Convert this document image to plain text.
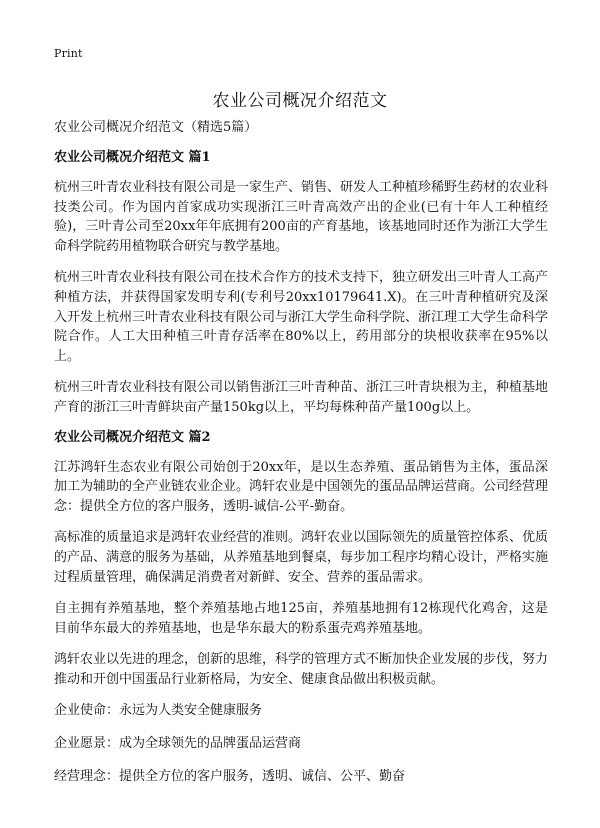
Print
农业公司概况介绍范文
农业公司概况介绍范文（精选5篇）
农业公司概况介绍范文 篇1

杭州三叶青农业科技有限公司是一家生产、销售、研发人工种植珍稀野生药材的农业科技类公司。作为国内首家成功实现浙江三叶青高效产出的企业(已有十年人工种植经验)，三叶青公司至20xx年年底拥有200亩的产育基地，该基地同时还作为浙江大学生命科学院药用植物联合研究与教学基地。

杭州三叶青农业科技有限公司在技术合作方的技术支持下，独立研发出三叶青人工高产种植方法，并获得国家发明专利(专利号20xx10179641.X)。在三叶青种植研究及深入开发上杭州三叶青农业科技有限公司与浙江大学生命科学院、浙江理工大学生命科学院合作。人工大田种植三叶青存活率在80%以上，药用部分的块根收获率在95%以上。

杭州三叶青农业科技有限公司以销售浙江三叶青种苗、浙江三叶青块根为主，种植基地产育的浙江三叶青鲜块亩产量150kg以上，平均每株种苗产量100g以上。

农业公司概况介绍范文 篇2

江苏鸿轩生态农业有限公司始创于20xx年，是以生态养殖、蛋品销售为主体，蛋品深加工为辅助的全产业链农业企业。鸿轩农业是中国领先的蛋品品牌运营商。公司经营理念：提供全方位的客户服务，透明-诚信-公平-勤奋。

高标准的质量追求是鸿轩农业经营的准则。鸿轩农业以国际领先的质量管控体系、优质的产品、满意的服务为基础，从养殖基地到餐桌，每步加工程序均精心设计，严格实施过程质量管理，确保满足消费者对新鲜、安全、营养的蛋品需求。

自主拥有养殖基地，整个养殖基地占地125亩，养殖基地拥有12栋现代化鸡舍，这是目前华东最大的养殖基地，也是华东最大的粉系蛋壳鸡养殖基地。

鸿轩农业以先进的理念，创新的思维，科学的管理方式不断加快企业发展的步伐，努力推动和开创中国蛋品行业新格局，为安全、健康食品做出积极贡献。

企业使命：永远为人类安全健康服务
企业愿景：成为全球领先的品牌蛋品运营商
经营理念：提供全方位的客户服务，透明、诚信、公平、勤奋
